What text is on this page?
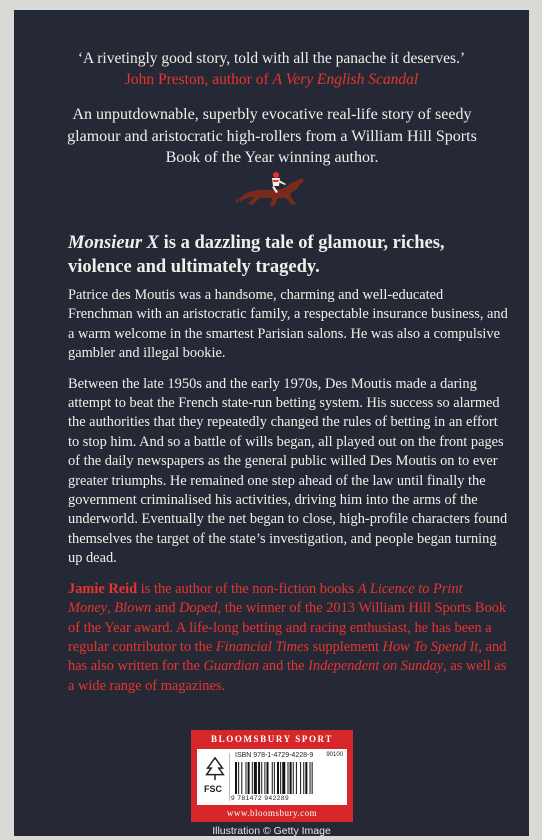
‘A rivetingly good story, told with all the panache it deserves.’
John Preston, author of A Very English Scandal
An unputdownable, superbly evocative real-life story of seedy glamour and aristocratic high-rollers from a William Hill Sports Book of the Year winning author.
Monsieur X is a dazzling tale of glamour, riches, violence and ultimately tragedy.

Patrice des Moutis was a handsome, charming and well-educated Frenchman with an aristocratic family, a respectable insurance business, and a warm welcome in the smartest Parisian salons. He was also a compulsive gambler and illegal bookie.

Between the late 1950s and the early 1970s, Des Moutis made a daring attempt to beat the French state-run betting system. His success so alarmed the authorities that they repeatedly changed the rules of betting in an effort to stop him. And so a battle of wills began, all played out on the front pages of the daily newspapers as the general public willed Des Moutis on to ever greater triumphs. He remained one step ahead of the law until finally the government criminalised his activities, driving him into the arms of the underworld. Eventually the net began to close, high-profile characters found themselves the target of the state’s investigation, and people began turning up dead.

Jamie Reid is the author of the non-fiction books A Licence to Print Money, Blown and Doped, the winner of the 2013 William Hill Sports Book of the Year award. A life-long betting and racing enthusiast, he has been a regular contributor to the Financial Times supplement How To Spend It, and has also written for the Guardian and the Independent on Sunday, as well as a wide range of magazines.

BLOOMSBURY SPORT
FSC
ISBN 978-1-4729-4228-9 90100
9 781472 942289
www.bloomsbury.com
Illustration © Getty Image
